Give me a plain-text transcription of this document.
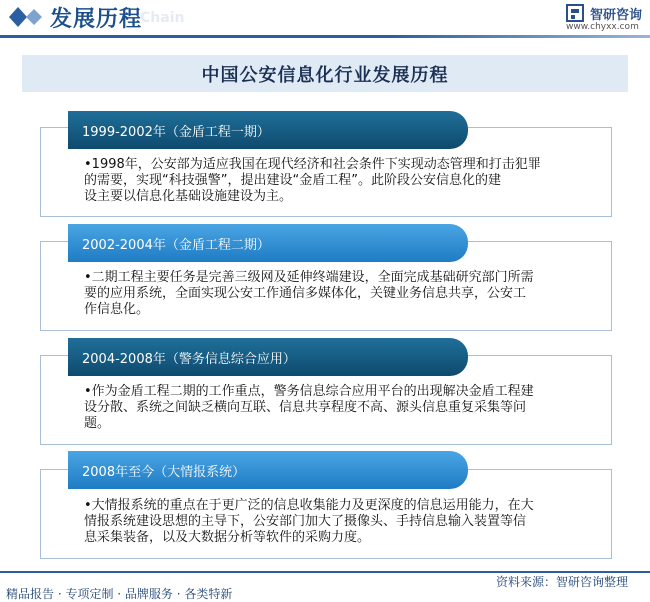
发展历程
Chain	智研咨询
www.chyxx.com
中国公安信息化行业发展历程
1999-2002年（金盾工程一期）
•1998年，公安部为适应我国在现代经济和社会条件下实现动态管理和打击犯罪
的需要，实现“科技强警”，提出建设“金盾工程”。此阶段公安信息化的建
设主要以信息化基础设施建设为主。
2002-2004年（金盾工程二期）
•二期工程主要任务是完善三级网及延伸终端建设，全面完成基础研究部门所需
要的应用系统，全面实现公安工作通信多媒体化，关键业务信息共享，公安工
作信息化。
2004-2008年（警务信息综合应用）
•作为金盾工程二期的工作重点，警务信息综合应用平台的出现解决金盾工程建
设分散、系统之间缺乏横向互联、信息共享程度不高、源头信息重复采集等问
题。
2008年至今（大情报系统）
•大情报系统的重点在于更广泛的信息收集能力及更深度的信息运用能力，在大
情报系统建设思想的主导下，公安部门加大了摄像头、手持信息输入装置等信
息采集装备，以及大数据分析等软件的采购力度。
资料来源：智研咨询整理
精品报告 · 专项定制 · 品牌服务 · 各类特新
